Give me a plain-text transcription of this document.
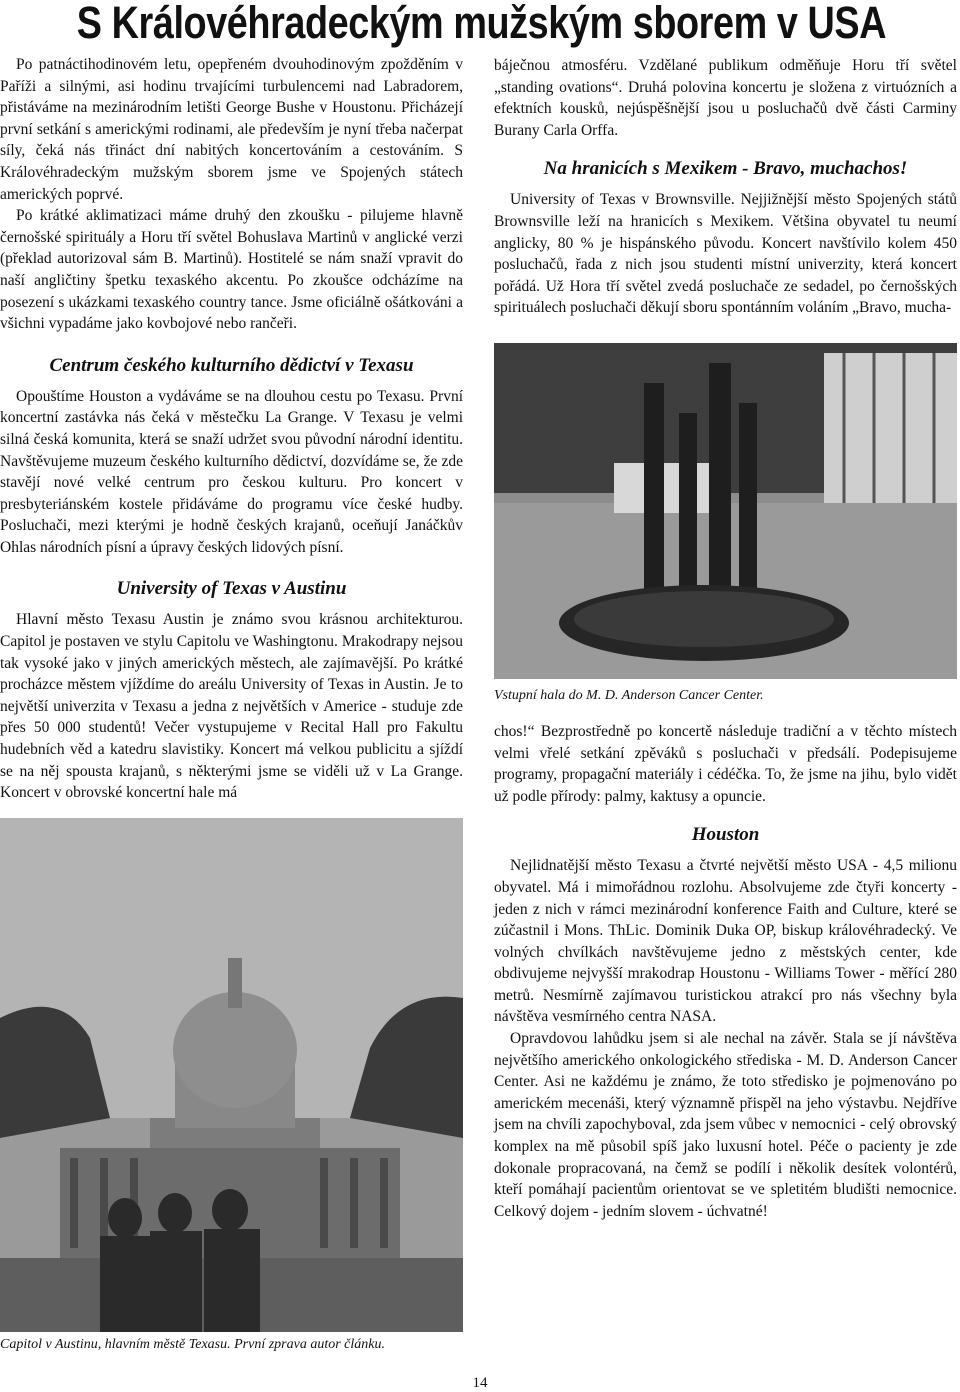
S Královéhradeckým mužským sborem v USA

Po patnáctihodinovém letu, opepřeném dvouhodinovým zpožděním v Paříži a silnými, asi hodinu trvajícími turbulencemi nad Labradorem, přistáváme na mezinárodním letišti George Bushe v Houstonu. Přicházejí první setkání s americkými rodinami, ale především je nyní třeba načerpat síly, čeká nás třináct dní nabitých koncertováním a cestováním. S Královéhradeckým mužským sborem jsme ve Spojených státech amerických poprvé.

Po krátké aklimatizaci máme druhý den zkoušku - pilujeme hlavně černošské spirituály a Horu tří světel Bohuslava Martinů v anglické verzi (překlad autorizoval sám B. Martinů). Hostitelé se nám snaží vpravit do naší angličtiny špetku texaského akcentu. Po zkoušce odcházíme na posezení s ukázkami texaského country tance. Jsme oficiálně ošátkováni a všichni vypadáme jako kovbojové nebo rančeři.

Centrum českého kulturního dědictví v Texasu

Opouštíme Houston a vydáváme se na dlouhou cestu po Texasu. První koncertní zastávka nás čeká v městečku La Grange. V Texasu je velmi silná česká komunita, která se snaží udržet svou původní národní identitu. Navštěvujeme muzeum českého kulturního dědictví, dozvídáme se, že zde stavějí nové velké centrum pro českou kulturu. Pro koncert v presbyteriánském kostele přidáváme do programu více české hudby. Posluchači, mezi kterými je hodně českých krajanů, oceňují Janáčkův Ohlas národních písní a úpravy českých lidových písní.

University of Texas v Austinu

Hlavní město Texasu Austin je známo svou krásnou architekturou. Capitol je postaven ve stylu Capitolu ve Washingtonu. Mrakodrapy nejsou tak vysoké jako v jiných amerických městech, ale zajímavější. Po krátké procházce městem vjíždíme do areálu University of Texas in Austin. Je to největší univerzita v Texasu a jedna z největších v Americe - studuje zde přes 50 000 studentů! Večer vystupujeme v Recital Hall pro Fakultu hudebních věd a katedru slavistiky. Koncert má velkou publicitu a sjíždí se na něj spousta krajanů, s některými jsme se viděli už v La Grange. Koncert v obrovské koncertní hale má

Capitol v Austinu, hlavním městě Texasu. První zprava autor článku.

báječnou atmosféru. Vzdělané publikum odměňuje Horu tří světel „standing ovations“. Druhá polovina koncertu je složena z virtuózních a efektních kousků, nejúspěšnější jsou u posluchačů dvě části Carminy Burany Carla Orffa.

Na hranicích s Mexikem - Bravo, muchachos!

University of Texas v Brownsville. Nejjižnější město Spojených států Brownsville leží na hranicích s Mexikem. Většina obyvatel tu neumí anglicky, 80 % je hispánského původu. Koncert navštívilo kolem 450 posluchačů, řada z nich jsou studenti místní univerzity, která koncert pořádá. Už Hora tří světel zvedá posluchače ze sedadel, po černošských spirituálech posluchači děkují sboru spontánním voláním „Bravo, mucha-

Vstupní hala do M. D. Anderson Cancer Center.

chos!“ Bezprostředně po koncertě následuje tradiční a v těchto místech velmi vřelé setkání zpěváků s posluchači v předsálí. Podepisujeme programy, propagační materiály i cédéčka. To, že jsme na jihu, bylo vidět už podle přírody: palmy, kaktusy a opuncie.

Houston

Nejlidnatější město Texasu a čtvrté největší město USA - 4,5 milionu obyvatel. Má i mimořádnou rozlohu. Absolvujeme zde čtyři koncerty - jeden z nich v rámci mezinárodní konference Faith and Culture, které se zúčastnil i Mons. ThLic. Dominik Duka OP, biskup královéhradecký. Ve volných chvílkách navštěvujeme jedno z městských center, kde obdivujeme nejvyšší mrakodrap Houstonu - Williams Tower - měřící 280 metrů. Nesmírně zajímavou turistickou atrakcí pro nás všechny byla návštěva vesmírného centra NASA.

Opravdovou lahůdku jsem si ale nechal na závěr. Stala se jí návštěva největšího amerického onkologického střediska - M. D. Anderson Cancer Center. Asi ne každému je známo, že toto středisko je pojmenováno po americkém mecenáši, který významně přispěl na jeho výstavbu. Nejdříve jsem na chvíli zapochyboval, zda jsem vůbec v nemocnici - celý obrovský komplex na mě působil spíš jako luxusní hotel. Péče o pacienty je zde dokonale propracovaná, na čemž se podílí i několik desítek volontérů, kteří pomáhají pacientům orientovat se ve spletitém bludišti nemocnice. Celkový dojem - jedním slovem - úchvatné!

14
